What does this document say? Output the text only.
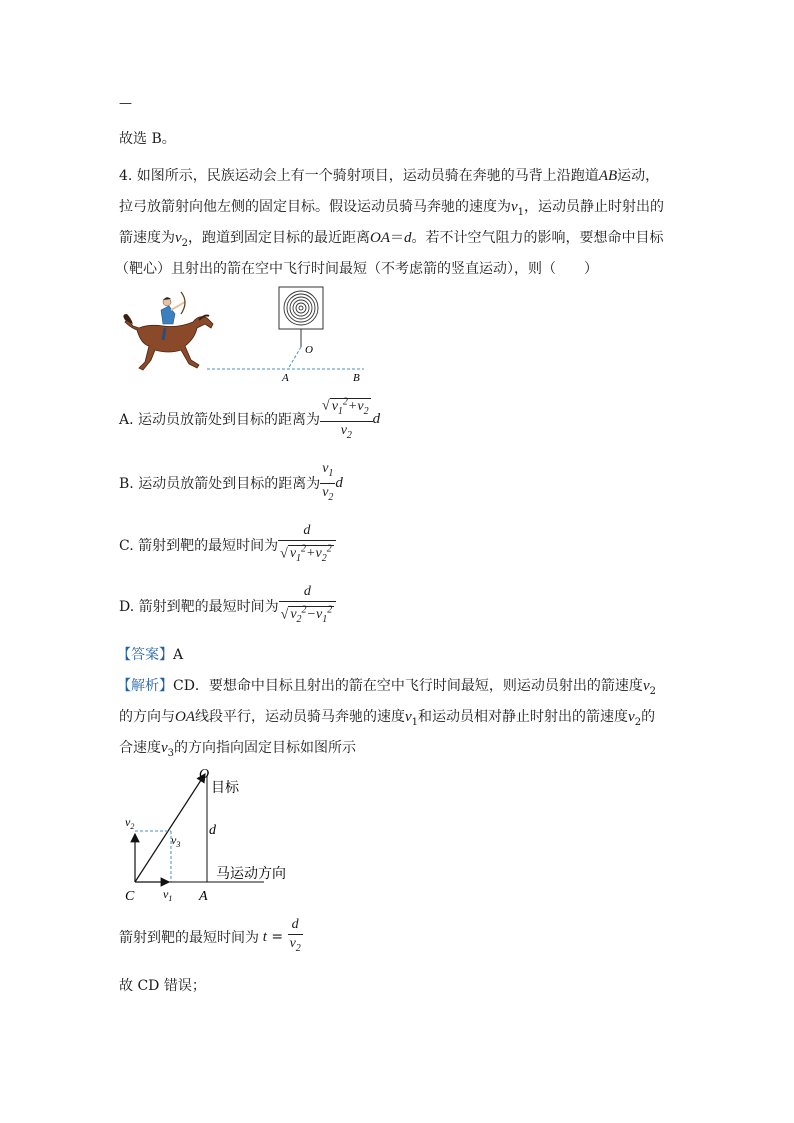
—
故选 B。
4. 如图所示，民族运动会上有一个骑射项目，运动员骑在奔驰的马背上沿跑道AB运动，
拉弓放箭射向他左侧的固定目标。假设运动员骑马奔驰的速度为$v_1$，运动员静止时射出的
箭速度为$v_2$，跑道到固定目标的最近距离OA＝d。若不计空气阻力的影响，要想命中目标
（靶心）且射出的箭在空中飞行时间最短（不考虑箭的竖直运动），则（　　）
O
A	B
A. 运动员放箭处到目标的距离为 $\frac{√ v_1^2+v_2}{v_2}$ d
B. 运动员放箭处到目标的距离为 $\frac{v_1}{v_2}$ d
C. 箭射到靶的最短时间为 $\frac{d}{√ v_1^2+v_2^2}$
D. 箭射到靶的最短时间为 $\frac{d}{√ v_2^2-v_1^2}$
【答案】A
【解析】CD．要想命中目标且射出的箭在空中飞行时间最短，则运动员射出的箭速度$v_2$
的方向与OA线段平行，运动员骑马奔驰的速度$v_1$和运动员相对静止时射出的箭速度$v_2$的
合速度$v_3$的方向指向固定目标如图所示
O
目标
d
$v_2$
$v_3$
$v_1$
C	A
马运动方向
箭射到靶的最短时间为 $t = \frac{d}{v_2}$
故 CD 错误；
